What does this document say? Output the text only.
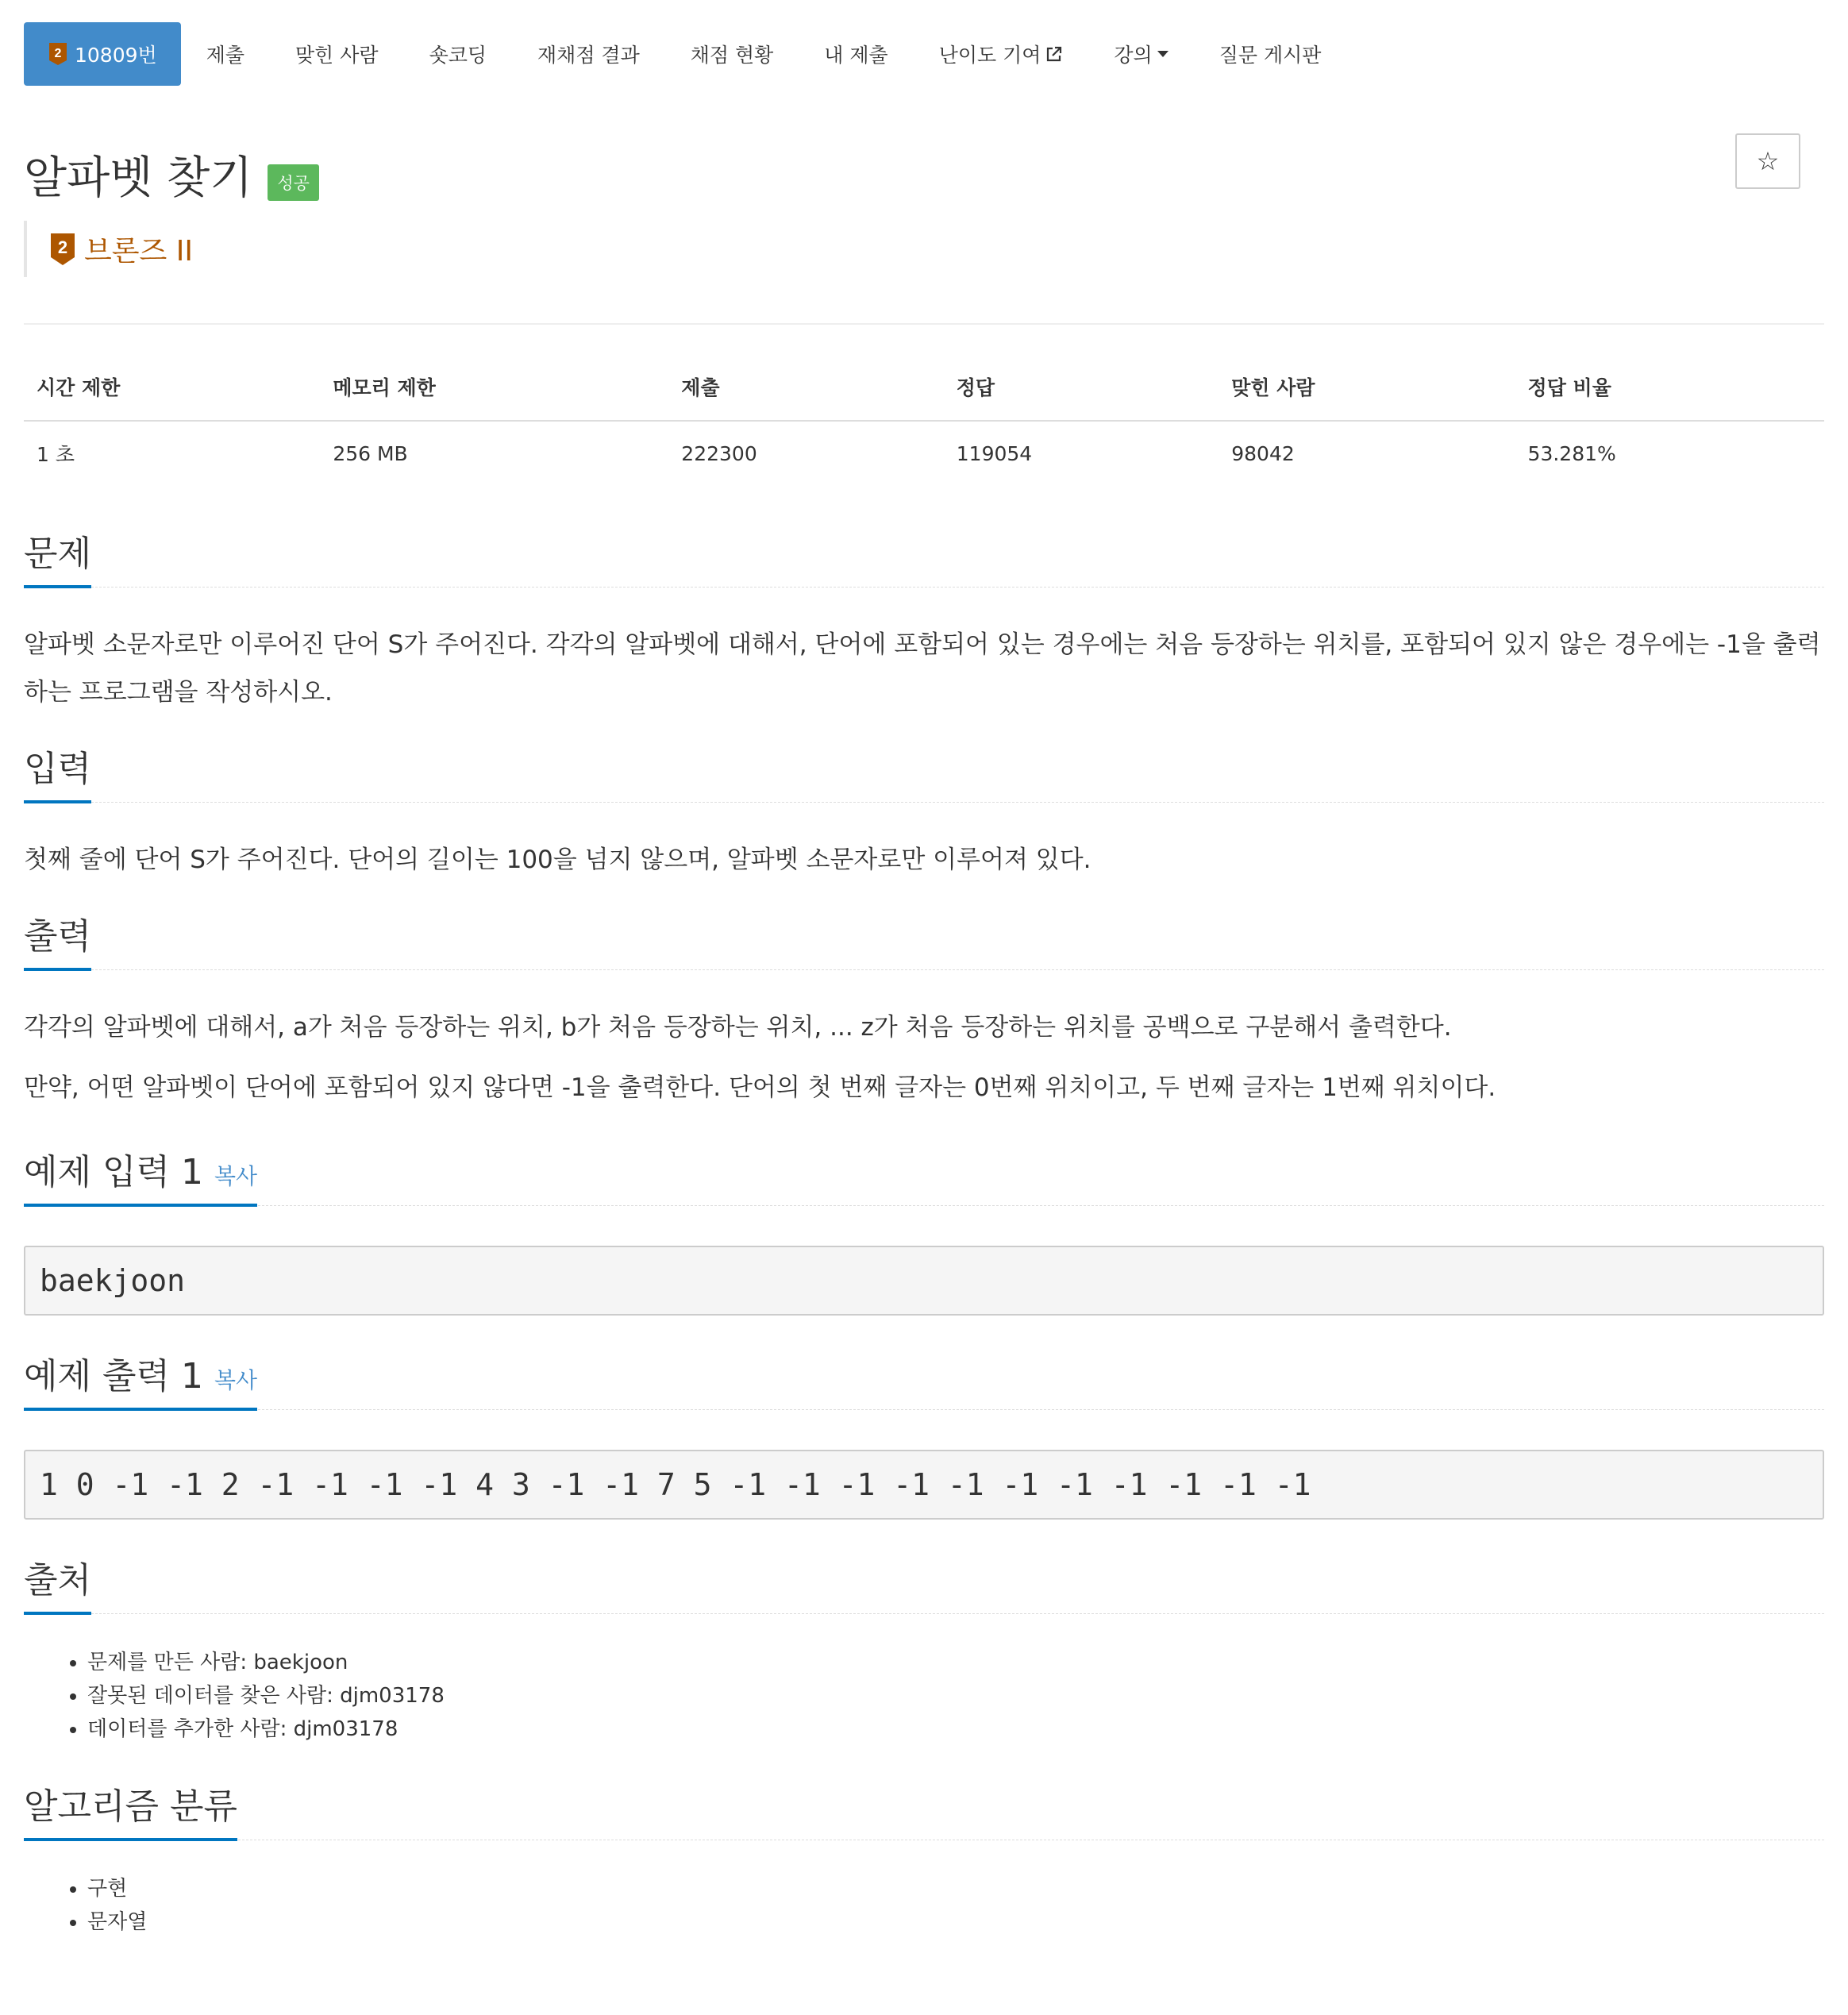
2 10809번 제출	맞힌 사람	숏코딩	재채점 결과	채점 현황	내 제출	난이도 기여	강의	질문 게시판
알파벳 찾기 성공
☆
2 브론즈 II
시간 제한	메모리 제한	제출	정답	맞힌 사람	정답 비율
1 초	256 MB	222300	119054	98042	53.281%
문제

알파벳 소문자로만 이루어진 단어 S가 주어진다. 각각의 알파벳에 대해서, 단어에 포함되어 있는 경우에는 처음 등장하는 위치를, 포함되어 있지 않은 경우에는 -1을 출력하는 프로그램을 작성하시오.

입력

첫째 줄에 단어 S가 주어진다. 단어의 길이는 100을 넘지 않으며, 알파벳 소문자로만 이루어져 있다.

출력

각각의 알파벳에 대해서, a가 처음 등장하는 위치, b가 처음 등장하는 위치, ... z가 처음 등장하는 위치를 공백으로 구분해서 출력한다.

만약, 어떤 알파벳이 단어에 포함되어 있지 않다면 -1을 출력한다. 단어의 첫 번째 글자는 0번째 위치이고, 두 번째 글자는 1번째 위치이다.

예제 입력 1 복사
baekjoon
예제 출력 1 복사
1 0 -1 -1 2 -1 -1 -1 -1 4 3 -1 -1 7 5 -1 -1 -1 -1 -1 -1 -1 -1 -1 -1 -1
출처
• 문제를 만든 사람: baekjoon
• 잘못된 데이터를 찾은 사람: djm03178
• 데이터를 추가한 사람: djm03178
알고리즘 분류
• 구현
• 문자열
